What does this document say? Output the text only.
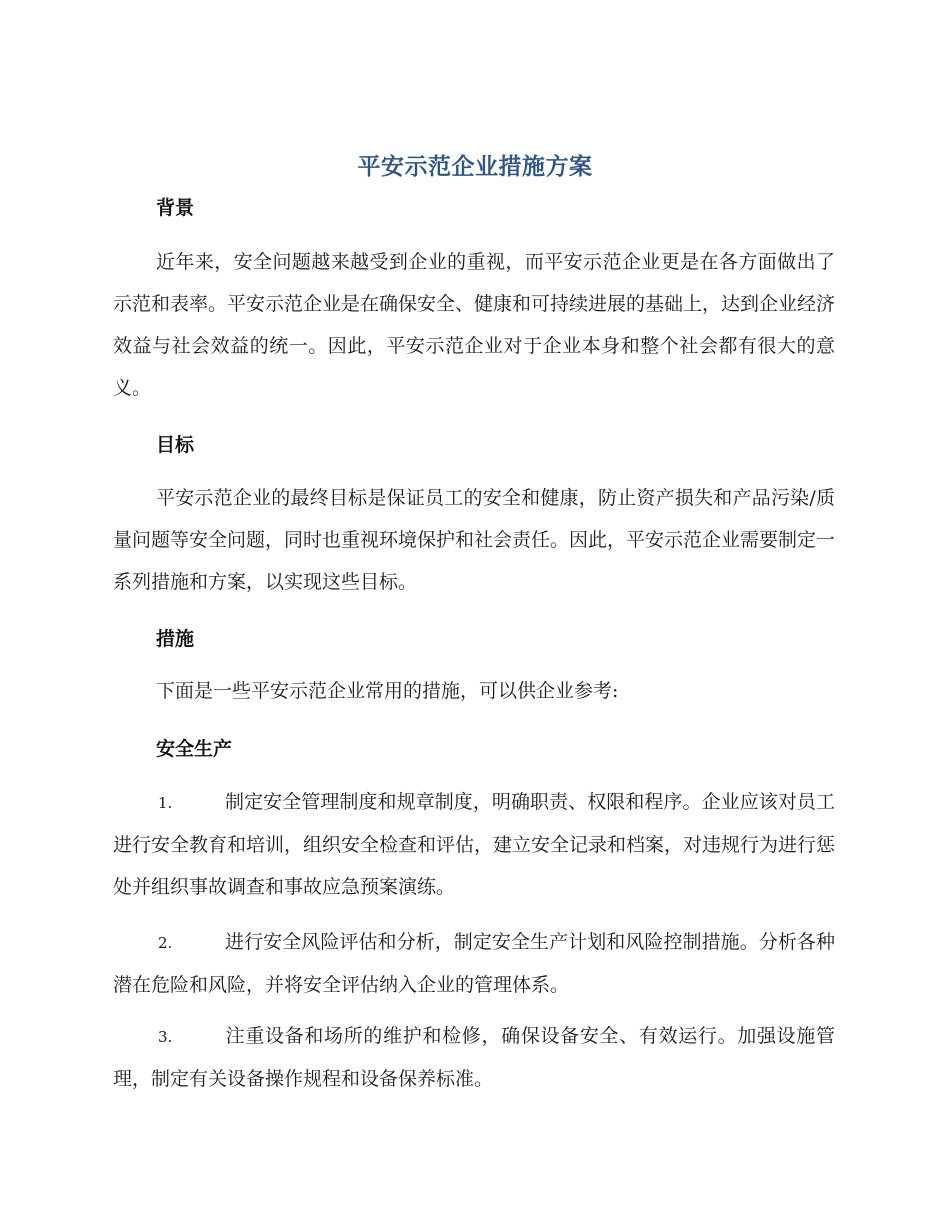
平安示范企业措施方案
背景
近年来，安全问题越来越受到企业的重视，而平安示范企业更是在各方面做出了示范和表率。平安示范企业是在确保安全、健康和可持续进展的基础上，达到企业经济效益与社会效益的统一。因此，平安示范企业对于企业本身和整个社会都有很大的意义。
目标
平安示范企业的最终目标是保证员工的安全和健康，防止资产损失和产品污染/质量问题等安全问题，同时也重视环境保护和社会责任。因此，平安示范企业需要制定一系列措施和方案，以实现这些目标。
措施
下面是一些平安示范企业常用的措施，可以供企业参考:
安全生产
1.	制定安全管理制度和规章制度，明确职责、权限和程序。企业应该对员工进行安全教育和培训，组织安全检查和评估，建立安全记录和档案，对违规行为进行惩处并组织事故调查和事故应急预案演练。
2.	进行安全风险评估和分析，制定安全生产计划和风险控制措施。分析各种潜在危险和风险，并将安全评估纳入企业的管理体系。
3.	注重设备和场所的维护和检修，确保设备安全、有效运行。加强设施管理，制定有关设备操作规程和设备保养标准。
